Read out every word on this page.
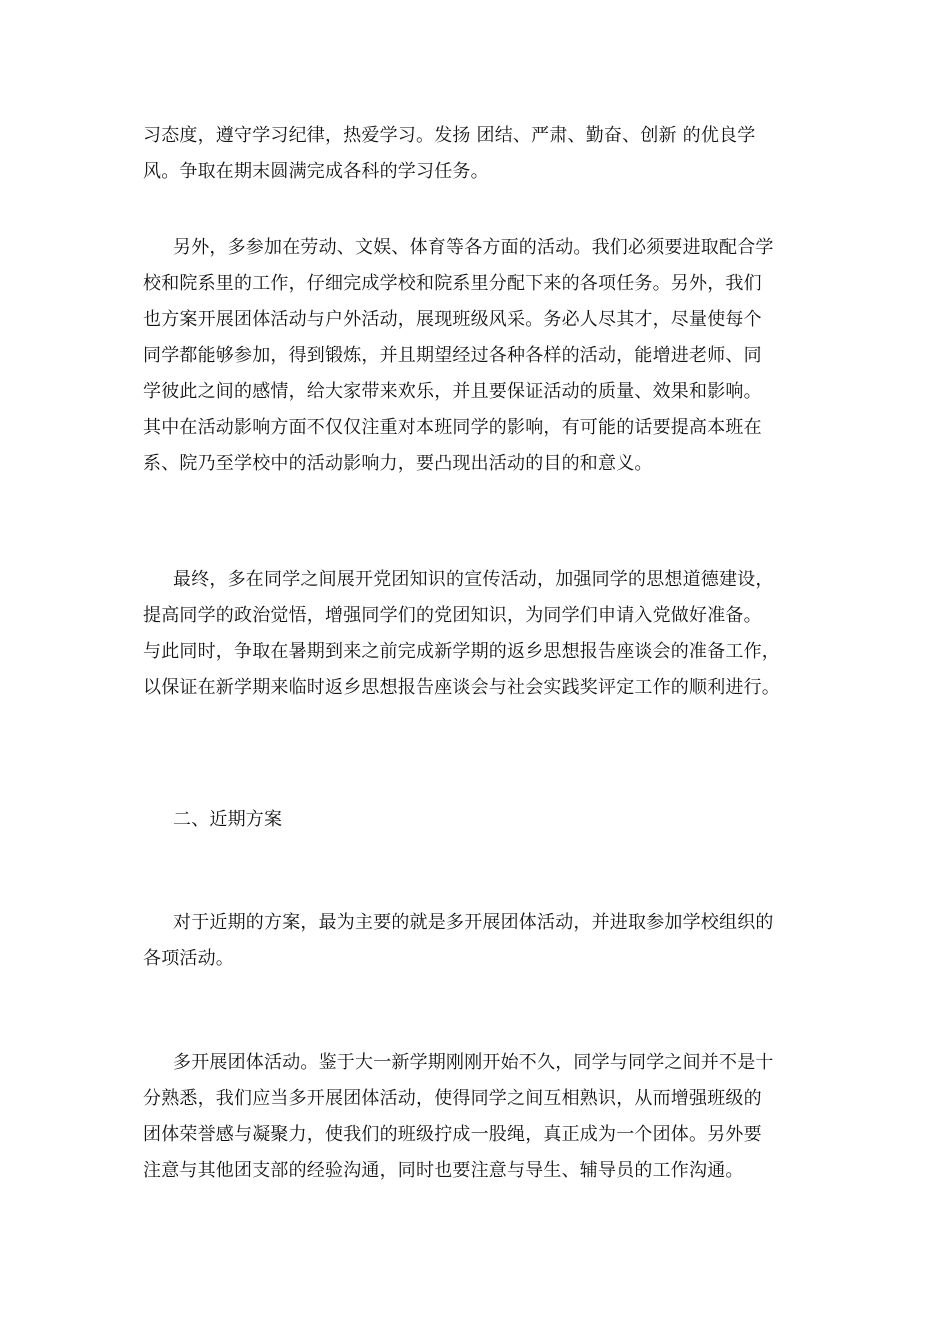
习态度，遵守学习纪律，热爱学习。发扬 团结、严肃、勤奋、创新 的优良学
风。争取在期末圆满完成各科的学习任务。

另外，多参加在劳动、文娱、体育等各方面的活动。我们必须要进取配合学
校和院系里的工作，仔细完成学校和院系里分配下来的各项任务。另外，我们
也方案开展团体活动与户外活动，展现班级风采。务必人尽其才，尽量使每个
同学都能够参加，得到锻炼，并且期望经过各种各样的活动，能增进老师、同
学彼此之间的感情，给大家带来欢乐，并且要保证活动的质量、效果和影响。
其中在活动影响方面不仅仅注重对本班同学的影响，有可能的话要提高本班在
系、院乃至学校中的活动影响力，要凸现出活动的目的和意义。

最终，多在同学之间展开党团知识的宣传活动，加强同学的思想道德建设，
提高同学的政治觉悟，增强同学们的党团知识，为同学们申请入党做好准备。
与此同时，争取在暑期到来之前完成新学期的返乡思想报告座谈会的准备工作，
以保证在新学期来临时返乡思想报告座谈会与社会实践奖评定工作的顺利进行。

二、近期方案

对于近期的方案，最为主要的就是多开展团体活动，并进取参加学校组织的
各项活动。

多开展团体活动。鉴于大一新学期刚刚开始不久，同学与同学之间并不是十
分熟悉，我们应当多开展团体活动，使得同学之间互相熟识，从而增强班级的
团体荣誉感与凝聚力，使我们的班级拧成一股绳，真正成为一个团体。另外要
注意与其他团支部的经验沟通，同时也要注意与导生、辅导员的工作沟通。
